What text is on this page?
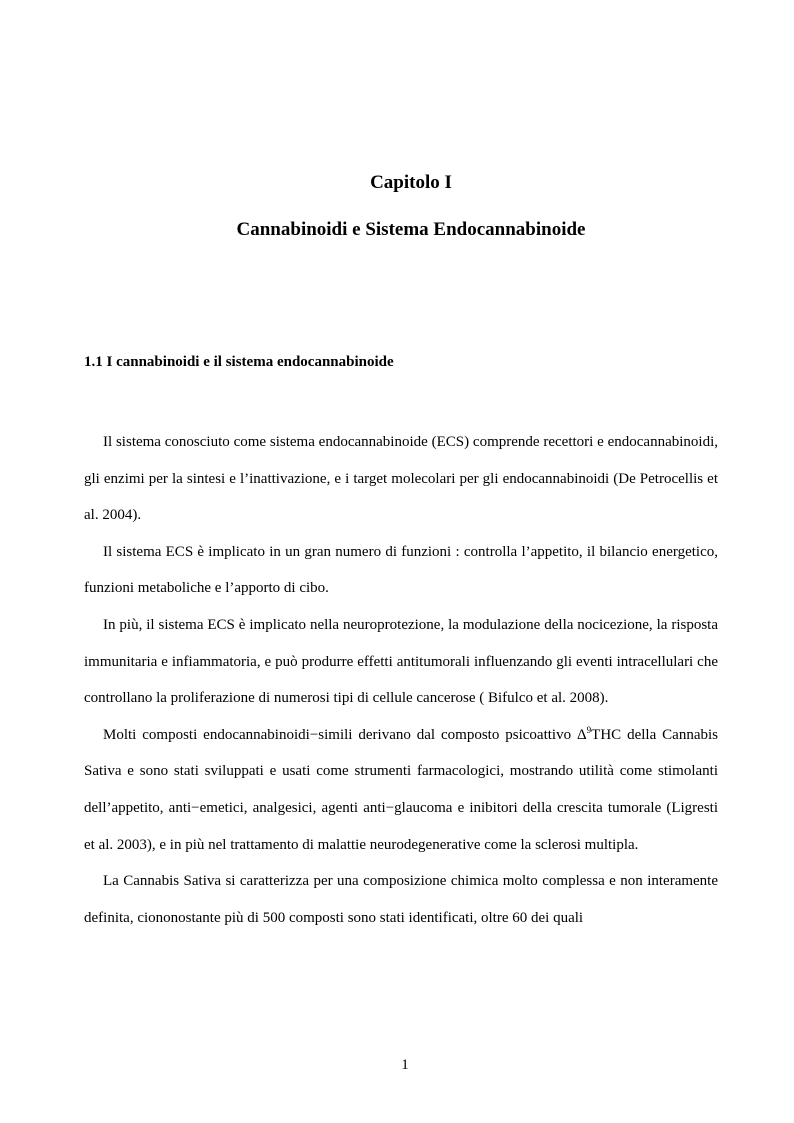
Capitolo I
Cannabinoidi e Sistema Endocannabinoide
1.1 I cannabinoidi e il sistema endocannabinoide

Il sistema conosciuto come sistema endocannabinoide (ECS) comprende recettori e endocannabinoidi, gli enzimi per la sintesi e l’inattivazione, e i target molecolari per gli endocannabinoidi (De Petrocellis et al. 2004).

Il sistema ECS è implicato in un gran numero di funzioni : controlla l’appetito, il bilancio energetico, funzioni metaboliche e l’apporto di cibo.

In più, il sistema ECS è implicato nella neuroprotezione, la modulazione della nocicezione, la risposta immunitaria e infiammatoria, e può produrre effetti antitumorali influenzando gli eventi intracellulari che controllano la proliferazione di numerosi tipi di cellule cancerose ( Bifulco et al. 2008).

Molti composti endocannabinoidi−simili derivano dal composto psicoattivo $\Delta^9THC$ della Cannabis Sativa e sono stati sviluppati e usati come strumenti farmacologici, mostrando utilità come stimolanti dell’appetito, anti−emetici, analgesici, agenti anti−glaucoma e inibitori della crescita tumorale (Ligresti et al. 2003), e in più nel trattamento di malattie neurodegenerative come la sclerosi multipla.

La Cannabis Sativa si caratterizza per una composizione chimica molto complessa e non interamente definita, ciononostante più di 500 composti sono stati identificati, oltre 60 dei quali

1
